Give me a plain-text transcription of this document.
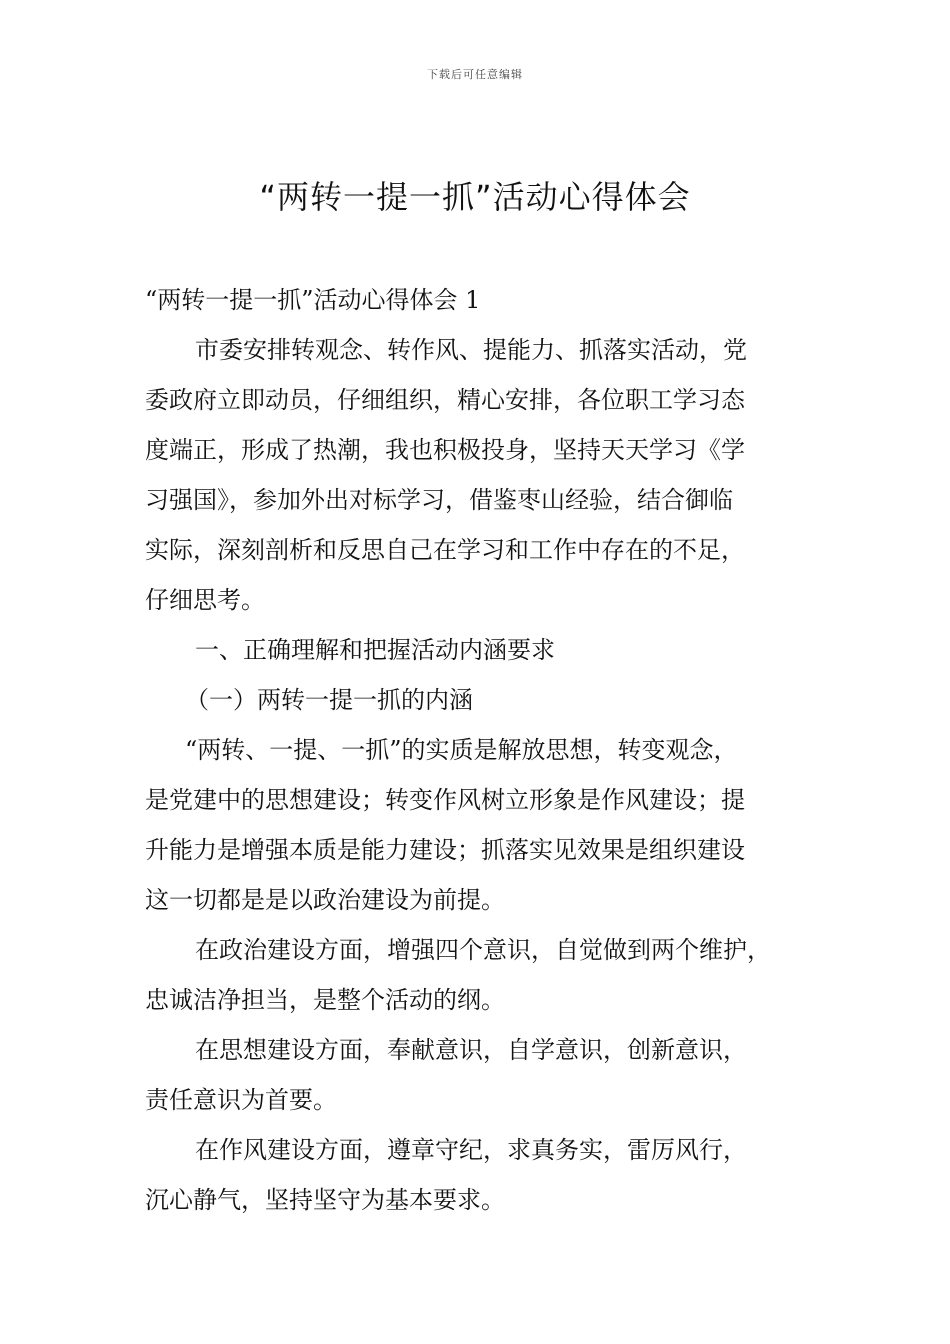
下载后可任意编辑
“两转一提一抓”活动心得体会
“两转一提一抓”活动心得体会 1
市委安排转观念、转作风、提能力、抓落实活动，党
委政府立即动员，仔细组织，精心安排，各位职工学习态
度端正，形成了热潮，我也积极投身，坚持天天学习《学
习强国》，参加外出对标学习，借鉴枣山经验，结合御临
实际，深刻剖析和反思自己在学习和工作中存在的不足，
仔细思考。
一、正确理解和把握活动内涵要求
（一）两转一提一抓的内涵
“两转、一提、一抓”的实质是解放思想，转变观念，
是党建中的思想建设；转变作风树立形象是作风建设；提
升能力是增强本质是能力建设；抓落实见效果是组织建设
这一切都是是以政治建设为前提。
在政治建设方面，增强四个意识，自觉做到两个维护，
忠诚洁净担当，是整个活动的纲。
在思想建设方面，奉献意识，自学意识，创新意识，
责任意识为首要。
在作风建设方面，遵章守纪，求真务实，雷厉风行，
沉心静气，坚持坚守为基本要求。
